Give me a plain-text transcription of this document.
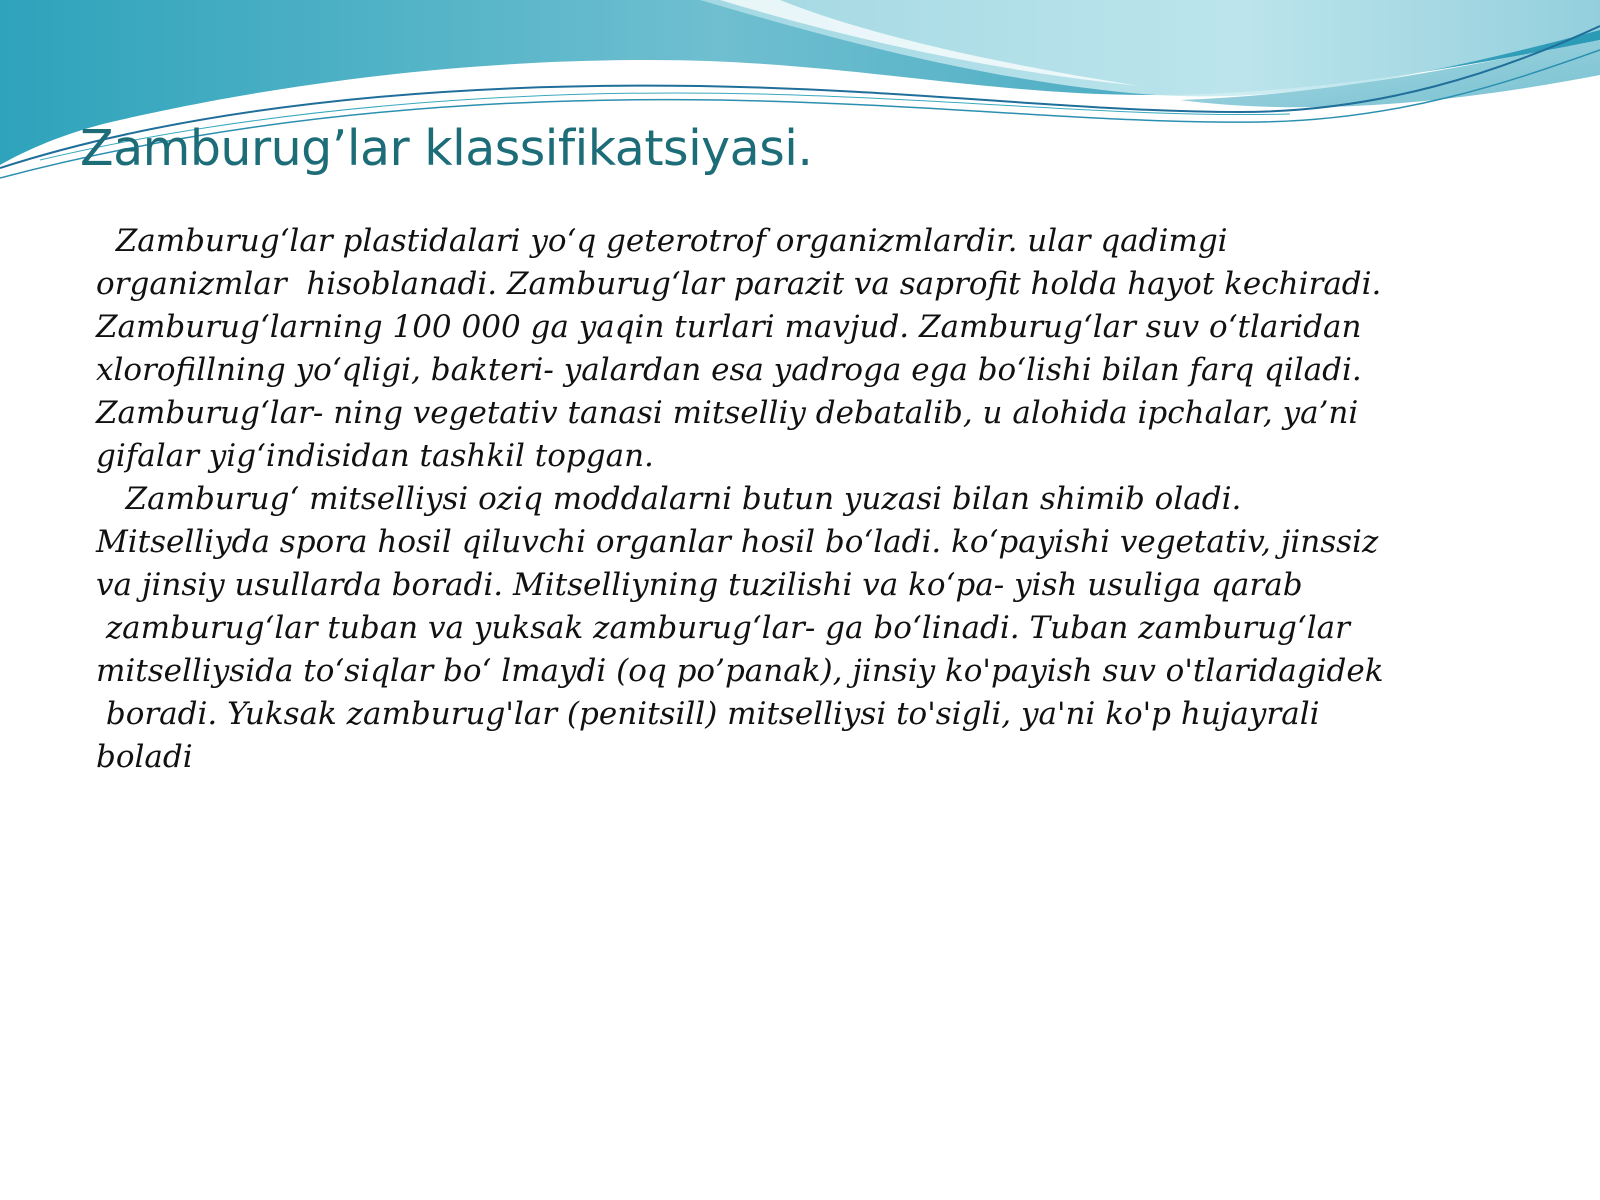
Zamburug’lar klassifikatsiyasi.
Zamburug‘lar plastidalari yo‘q geterotrof organizmlardir. ular qadimgi
organizmlar  hisoblanadi. Zamburug‘lar parazit va saprofit holda hayot kechiradi.
Zamburug‘larning 100 000 ga yaqin turlari mavjud. Zamburug‘lar suv o‘tlaridan
xlorofillning yo‘qligi, bakteri- yalardan esa yadroga ega bo‘lishi bilan farq qiladi.
Zamburug‘lar- ning vegetativ tanasi mitselliy debatalib, u alohida ipchalar, ya’ni
gifalar yig‘indisidan tashkil topgan.
Zamburug‘ mitselliysi oziq moddalarni butun yuzasi bilan shimib oladi.
Mitselliyda spora hosil qiluvchi organlar hosil bo‘ladi. ko‘payishi vegetativ, jinssiz
va jinsiy usullarda boradi. Mitselliyning tuzilishi va ko‘pa- yish usuliga qarab
zamburug‘lar tuban va yuksak zamburug‘lar- ga bo‘linadi. Tuban zamburug‘lar
mitselliysida to‘siqlar bo‘ lmaydi (oq po’panak), jinsiy ko'payish suv o'tlaridagidek
boradi. Yuksak zamburug'lar (penitsill) mitselliysi to'sigli, ya'ni ko'p hujayrali
boladi
